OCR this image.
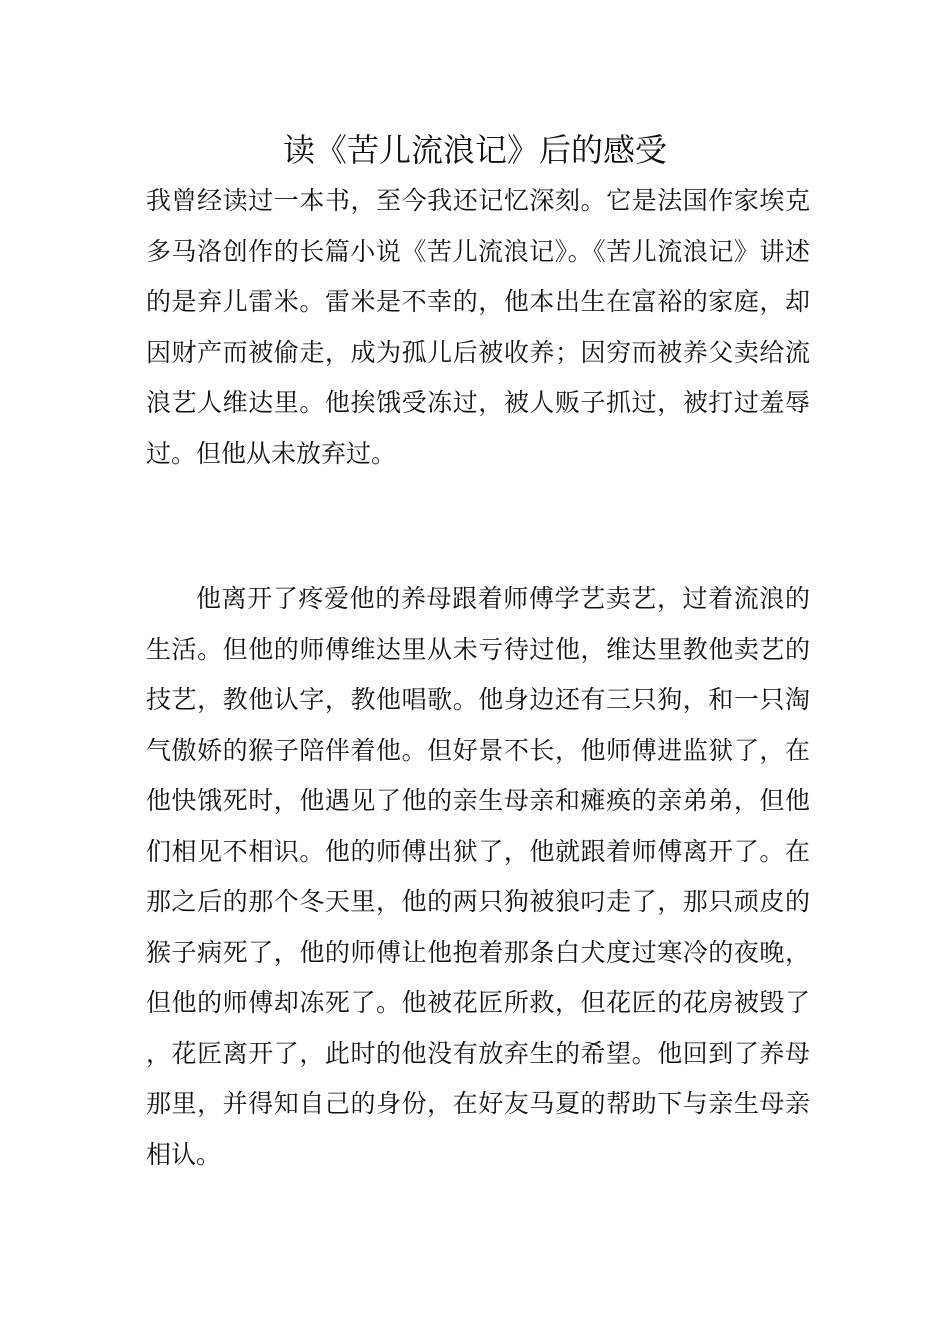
读《苦儿流浪记》后的感受

我曾经读过一本书，至今我还记忆深刻。它是法国作家埃克多马洛创作的长篇小说《苦儿流浪记》。《苦儿流浪记》讲述的是弃儿雷米。雷米是不幸的，他本出生在富裕的家庭，却因财产而被偷走，成为孤儿后被收养；因穷而被养父卖给流浪艺人维达里。他挨饿受冻过，被人贩子抓过，被打过羞辱过。但他从未放弃过。

他离开了疼爱他的养母跟着师傅学艺卖艺，过着流浪的生活。但他的师傅维达里从未亏待过他，维达里教他卖艺的技艺，教他认字，教他唱歌。他身边还有三只狗，和一只淘气傲娇的猴子陪伴着他。但好景不长，他师傅进监狱了，在他快饿死时，他遇见了他的亲生母亲和瘫痪的亲弟弟，但他们相见不相识。他的师傅出狱了，他就跟着师傅离开了。在那之后的那个冬天里，他的两只狗被狼叼走了，那只顽皮的猴子病死了，他的师傅让他抱着那条白犬度过寒冷的夜晚，但他的师傅却冻死了。他被花匠所救，但花匠的花房被毁了，花匠离开了，此时的他没有放弃生的希望。他回到了养母那里，并得知自己的身份，在好友马夏的帮助下与亲生母亲相认。
